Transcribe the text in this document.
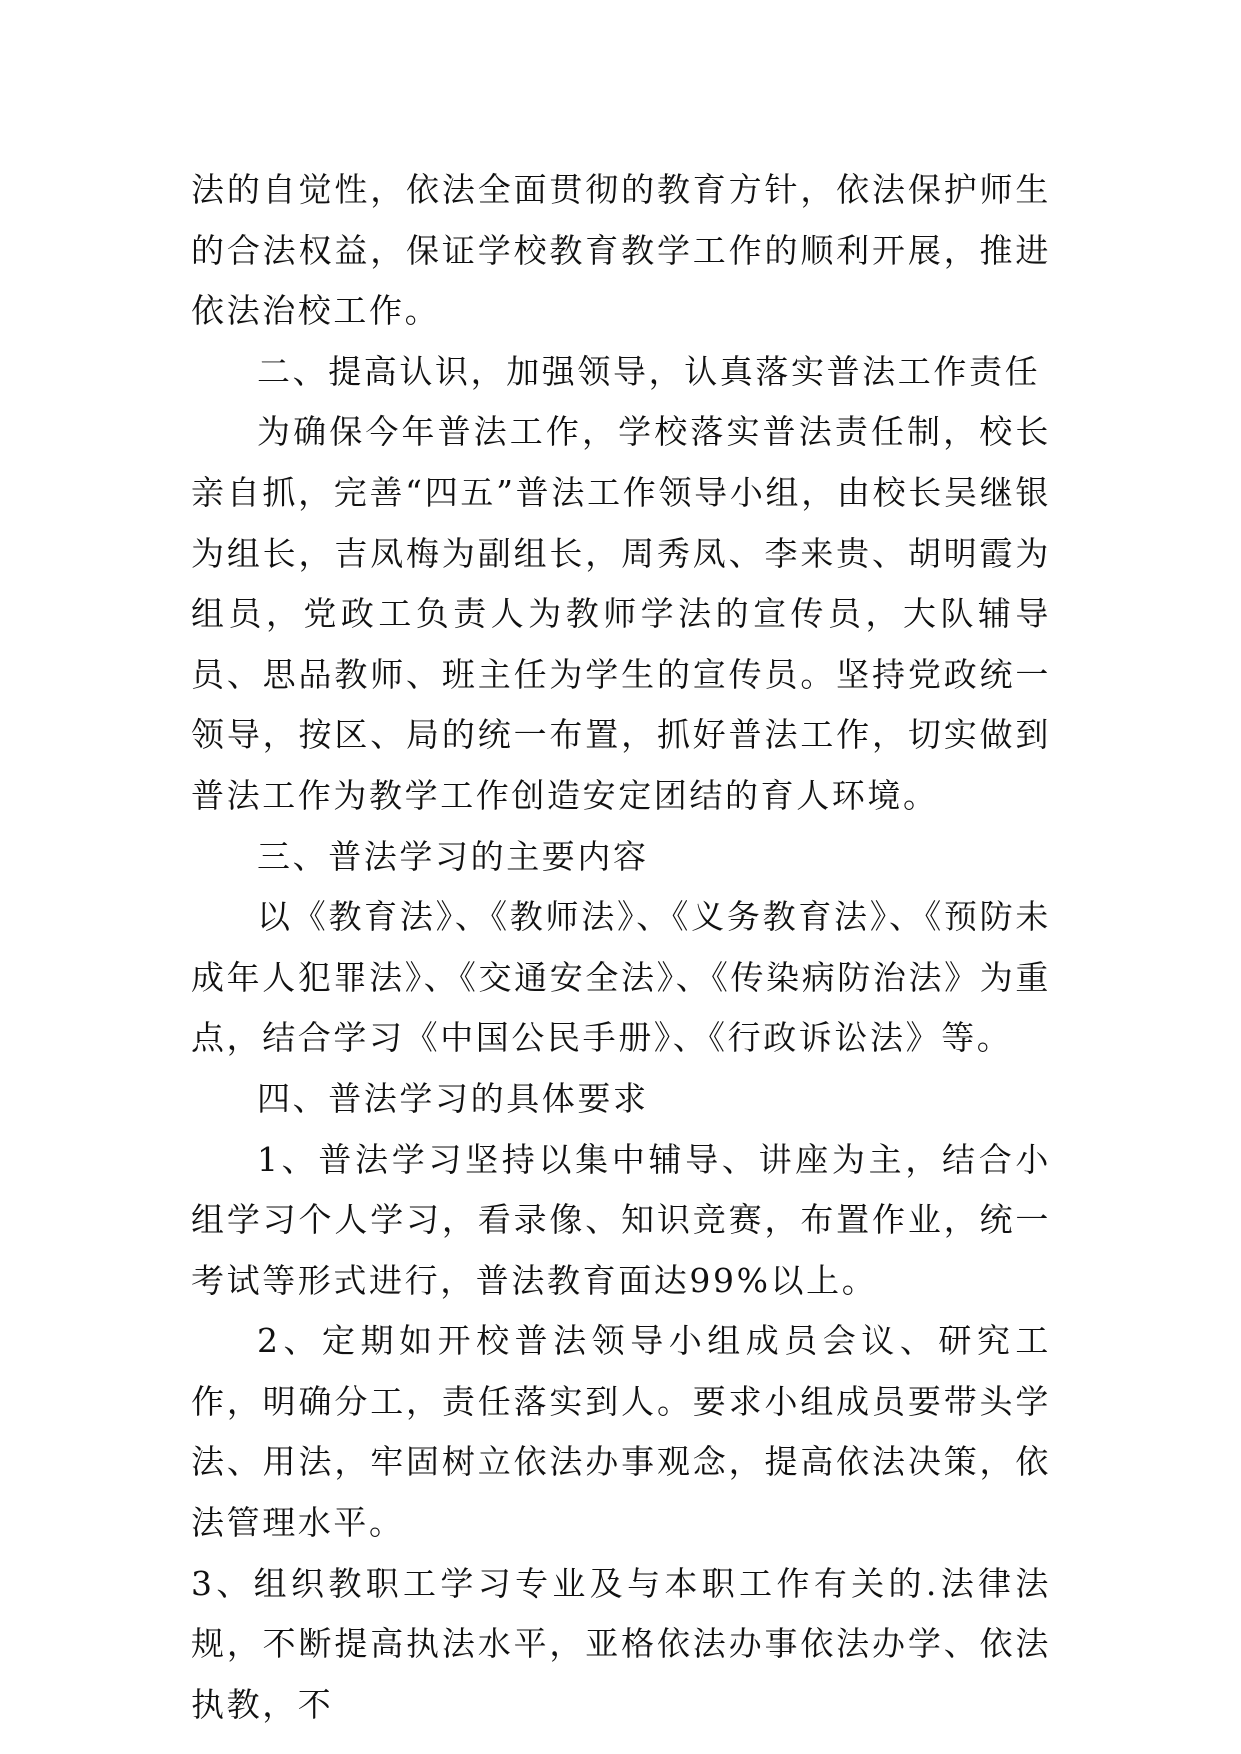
法的自觉性，依法全面贯彻的教育方针，依法保护师生的合法权益，保证学校教育教学工作的顺利开展，推进依法治校工作。

二、提高认识，加强领导，认真落实普法工作责任

为确保今年普法工作，学校落实普法责任制，校长亲自抓，完善“四五”普法工作领导小组，由校长吴继银为组长，吉凤梅为副组长，周秀凤、李来贵、胡明霞为组员，党政工负责人为教师学法的宣传员，大队辅导员、思品教师、班主任为学生的宣传员。坚持党政统一领导，按区、局的统一布置，抓好普法工作，切实做到普法工作为教学工作创造安定团结的育人环境。

三、普法学习的主要内容

以《教育法》、《教师法》、《义务教育法》、《预防未成年人犯罪法》、《交通安全法》、《传染病防治法》为重点，结合学习《中国公民手册》、《行政诉讼法》等。

四、普法学习的具体要求

1、普法学习坚持以集中辅导、讲座为主，结合小组学习个人学习，看录像、知识竞赛，布置作业，统一考试等形式进行，普法教育面达99%以上。

2、定期如开校普法领导小组成员会议、研究工作，明确分工，责任落实到人。要求小组成员要带头学法、用法，牢固树立依法办事观念，提高依法决策，依法管理水平。

3、组织教职工学习专业及与本职工作有关的.法律法规，不断提高执法水平，亚格依法办事依法办学、依法执教，不
